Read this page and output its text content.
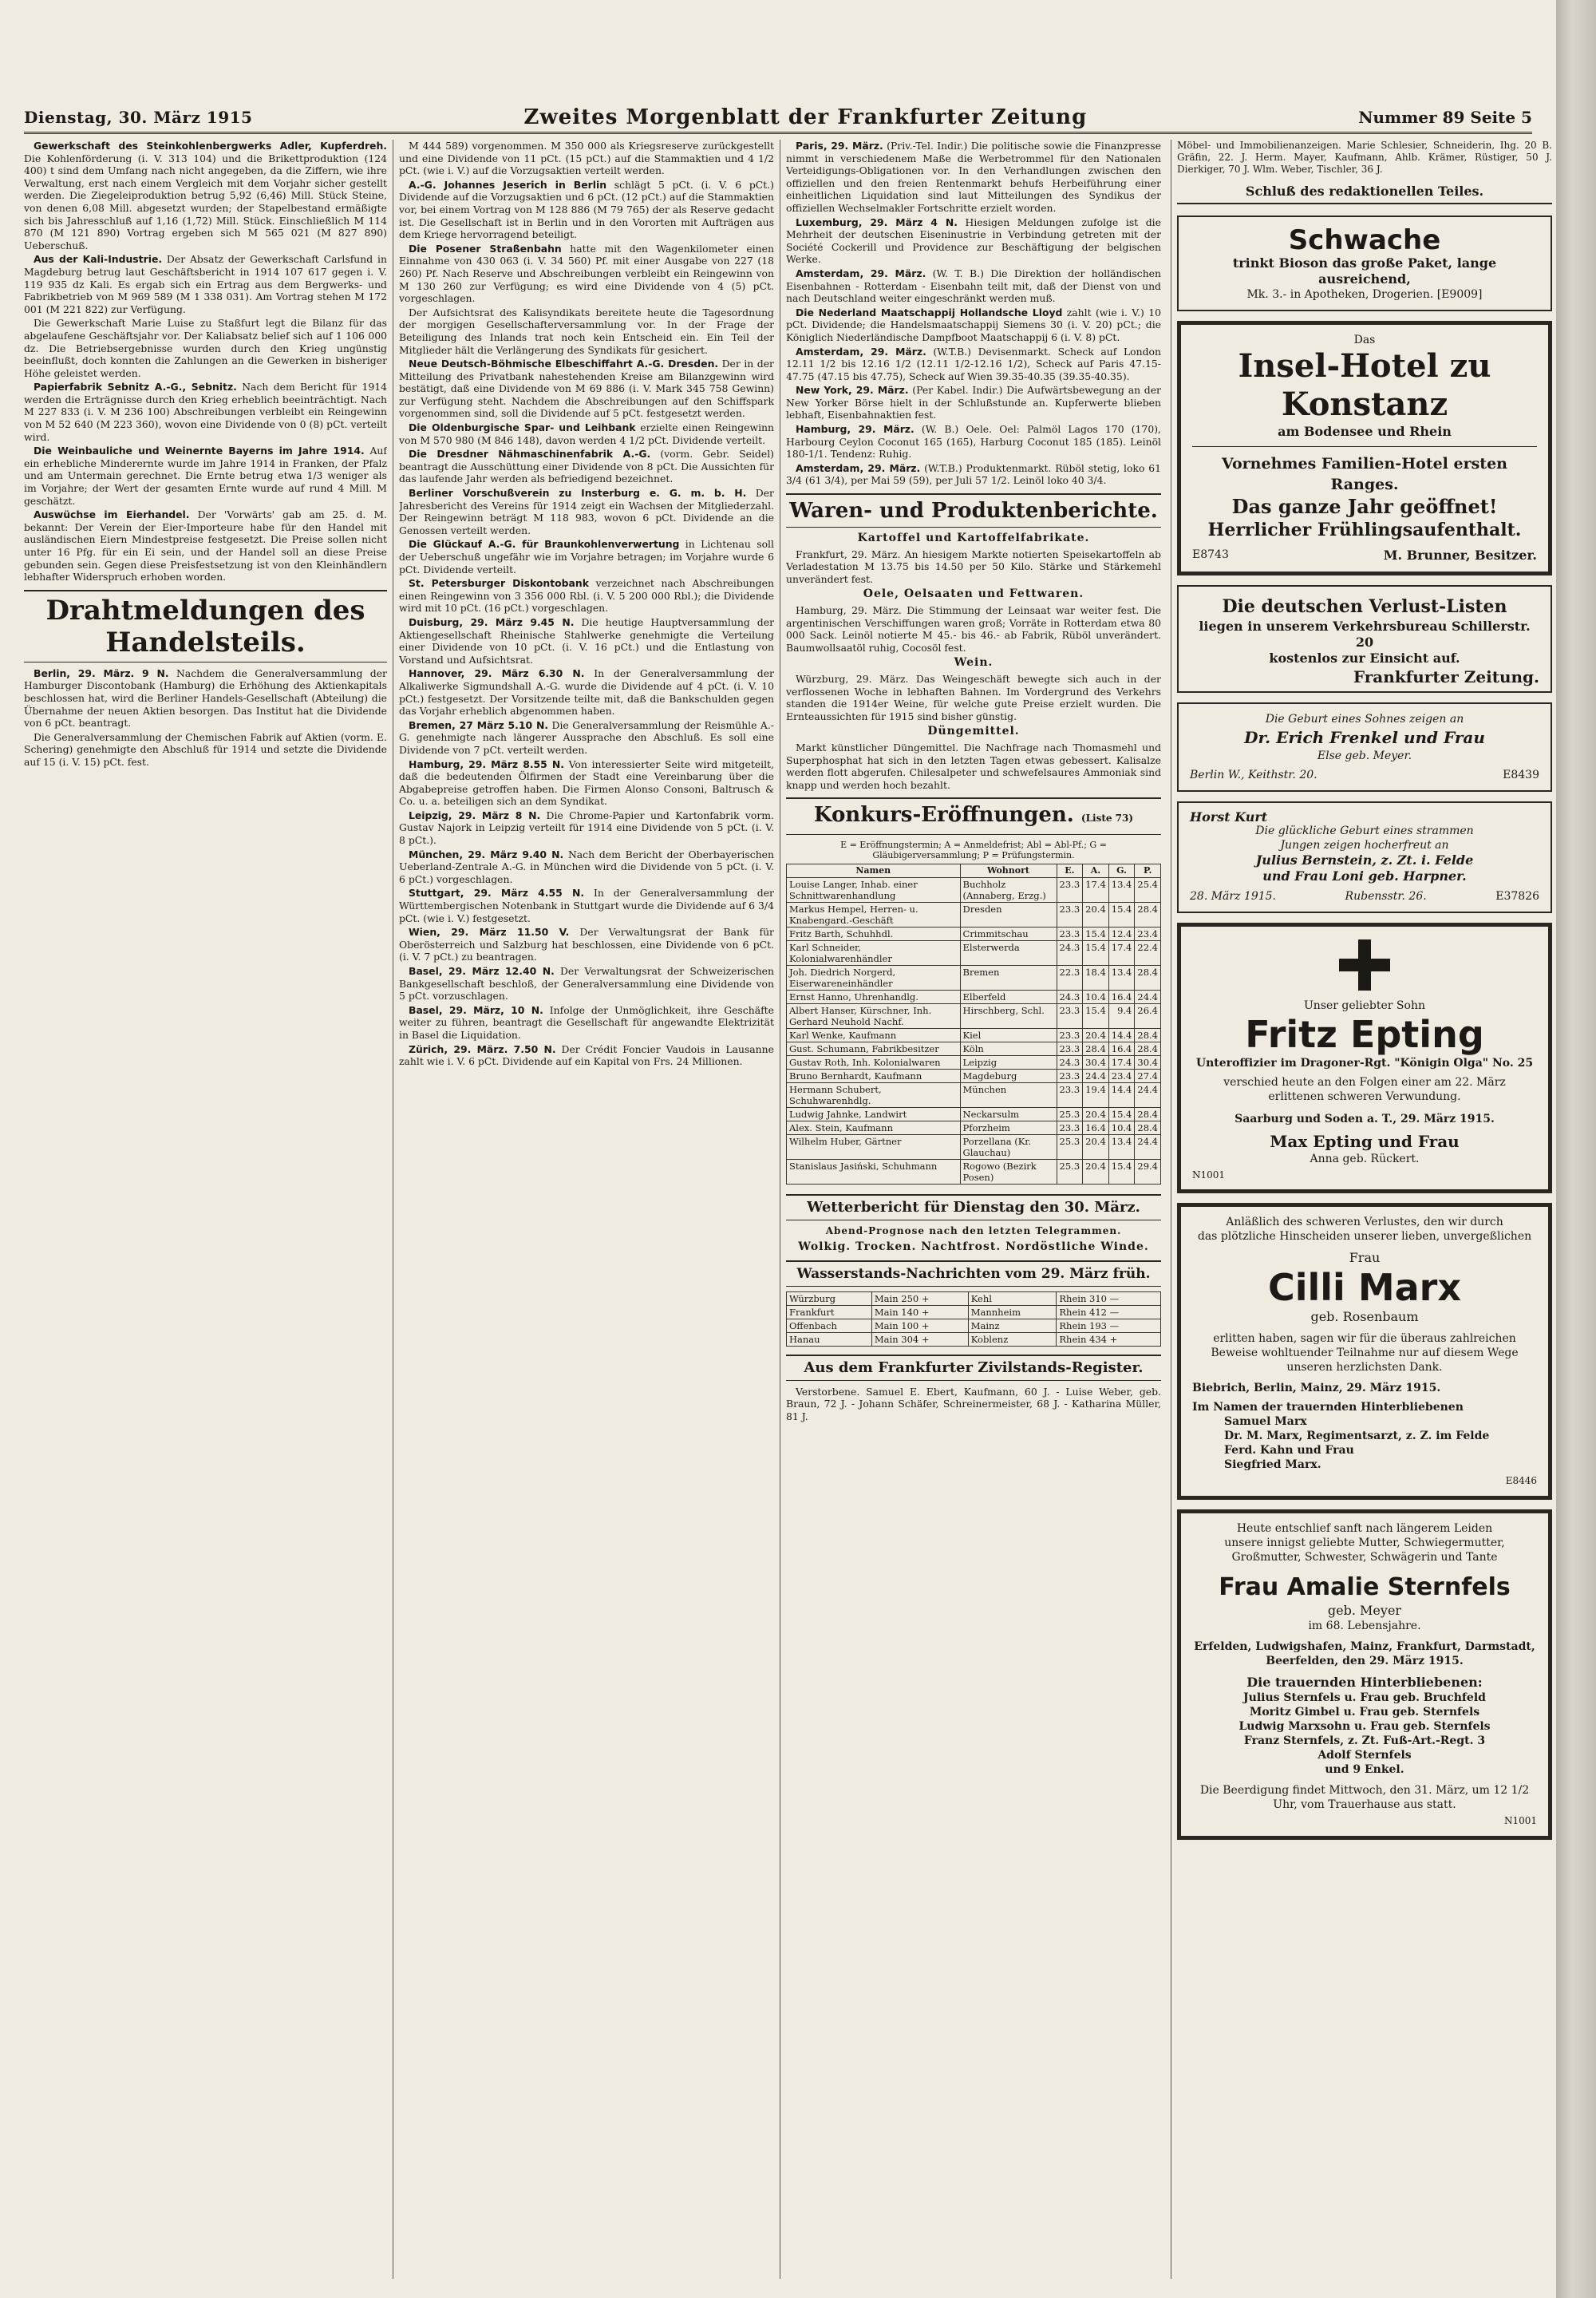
Dienstag, 30. März 1915	Zweites Morgenblatt der Frankfurter Zeitung	Nummer 89 Seite 5

Gewerkschaft des Steinkohlenbergwerks Adler, Kupferdreh. Die Kohlenförderung (i. V. 313 104) und die Brikettproduktion (124 400) t sind dem Umfang nach nicht angegeben, da die Ziffern, wie ihre Verwaltung, erst nach einem Vergleich mit dem Vorjahr sicher gestellt werden. Die Ziegeleiproduktion betrug 5,92 (6,46) Mill. Stück Steine, von denen 6,08 Mill. abgesetzt wurden; der Stapelbestand ermäßigte sich bis Jahresschluß auf 1,16 (1,72) Mill. Stück. Einschließlich M 114 870 (M 121 890) Vortrag ergeben sich M 565 021 (M 827 890) Ueberschuß.

Aus der Kali-Industrie. Der Absatz der Gewerkschaft Carlsfund in Magdeburg betrug laut Geschäftsbericht in 1914 107 617 gegen i. V. 119 935 dz Kali. Es ergab sich ein Ertrag aus dem Bergwerks- und Fabrikbetrieb von M 969 589 (M 1 338 031). Am Vortrag stehen M 172 001 (M 221 822) zur Verfügung.

Die Gewerkschaft Marie Luise zu Staßfurt legt die Bilanz für das abgelaufene Geschäftsjahr vor. Der Kaliabsatz belief sich auf 1 106 000 dz. Die Betriebsergebnisse wurden durch den Krieg ungünstig beeinflußt, doch konnten die Zahlungen an die Gewerken in bisheriger Höhe geleistet werden.

Papierfabrik Sebnitz A.-G., Sebnitz. Nach dem Bericht für 1914 werden die Erträgnisse durch den Krieg erheblich beeinträchtigt. Nach M 227 833 (i. V. M 236 100) Abschreibungen verbleibt ein Reingewinn von M 52 640 (M 223 360), wovon eine Dividende von 0 (8) pCt. verteilt wird.

Die Weinbauliche und Weinernte Bayerns im Jahre 1914. Auf ein erhebliche Minderernte wurde im Jahre 1914 in Franken, der Pfalz und am Untermain gerechnet. Die Ernte betrug etwa 1/3 weniger als im Vorjahre; der Wert der gesamten Ernte wurde auf rund 4 Mill. M geschätzt.

Auswüchse im Eierhandel. Der 'Vorwärts' gab am 25. d. M. bekannt: Der Verein der Eier-Importeure habe für den Handel mit ausländischen Eiern Mindestpreise festgesetzt. Die Preise sollen nicht unter 16 Pfg. für ein Ei sein, und der Handel soll an diese Preise gebunden sein. Gegen diese Preisfestsetzung ist von den Kleinhändlern lebhafter Widerspruch erhoben worden.

Drahtmeldungen des Handelsteils.

Berlin, 29. März. 9 N. Nachdem die Generalversammlung der Hamburger Discontobank (Hamburg) die Erhöhung des Aktienkapitals beschlossen hat, wird die Berliner Handels-Gesellschaft (Abteilung) die Übernahme der neuen Aktien besorgen. Das Institut hat die Dividende von 6 pCt. beantragt.

Die Generalversammlung der Chemischen Fabrik auf Aktien (vorm. E. Schering) genehmigte den Abschluß für 1914 und setzte die Dividende auf 15 (i. V. 15) pCt. fest.

M 444 589) vorgenommen. M 350 000 als Kriegsreserve zurückgestellt und eine Dividende von 11 pCt. (15 pCt.) auf die Stammaktien und 4 1/2 pCt. (wie i. V.) auf die Vorzugsaktien verteilt werden.

A.-G. Johannes Jeserich in Berlin schlägt 5 pCt. (i. V. 6 pCt.) Dividende auf die Vorzugsaktien und 6 pCt. (12 pCt.) auf die Stammaktien vor, bei einem Vortrag von M 128 886 (M 79 765) der als Reserve gedacht ist. Die Gesellschaft ist in Berlin und in den Vororten mit Aufträgen aus dem Kriege hervorragend beteiligt.

Die Posener Straßenbahn hatte mit den Wagenkilometer einen Einnahme von 430 063 (i. V. 34 560) Pf. mit einer Ausgabe von 227 (18 260) Pf. Nach Reserve und Abschreibungen verbleibt ein Reingewinn von M 130 260 zur Verfügung; es wird eine Dividende von 4 (5) pCt. vorgeschlagen.

Der Aufsichtsrat des Kalisyndikats bereitete heute die Tagesordnung der morgigen Gesellschafterversammlung vor. In der Frage der Beteiligung des Inlands trat noch kein Entscheid ein. Ein Teil der Mitglieder hält die Verlängerung des Syndikats für gesichert.

Neue Deutsch-Böhmische Elbeschiffahrt A.-G. Dresden. Der in der Mitteilung des Privatbank nahestehenden Kreise am Bilanzgewinn wird bestätigt, daß eine Dividende von M 69 886 (i. V. Mark 345 758 Gewinn) zur Verfügung steht. Nachdem die Abschreibungen auf den Schiffspark vorgenommen sind, soll die Dividende auf 5 pCt. festgesetzt werden.

Die Oldenburgische Spar- und Leihbank erzielte einen Reingewinn von M 570 980 (M 846 148), davon werden 4 1/2 pCt. Dividende verteilt.

Die Dresdner Nähmaschinenfabrik A.-G. (vorm. Gebr. Seidel) beantragt die Ausschüttung einer Dividende von 8 pCt. Die Aussichten für das laufende Jahr werden als befriedigend bezeichnet.

Berliner Vorschußverein zu Insterburg e. G. m. b. H. Der Jahresbericht des Vereins für 1914 zeigt ein Wachsen der Mitgliederzahl. Der Reingewinn beträgt M 118 983, wovon 6 pCt. Dividende an die Genossen verteilt werden.

Die Glückauf A.-G. für Braunkohlenverwertung in Lichtenau soll der Ueberschuß ungefähr wie im Vorjahre betragen; im Vorjahre wurde 6 pCt. Dividende verteilt.

St. Petersburger Diskontobank verzeichnet nach Abschreibungen einen Reingewinn von 3 356 000 Rbl. (i. V. 5 200 000 Rbl.); die Dividende wird mit 10 pCt. (16 pCt.) vorgeschlagen.

Duisburg, 29. März 9.45 N. Die heutige Hauptversammlung der Aktiengesellschaft Rheinische Stahlwerke genehmigte die Verteilung einer Dividende von 10 pCt. (i. V. 16 pCt.) und die Entlastung von Vorstand und Aufsichtsrat.

Hannover, 29. März 6.30 N. In der Generalversammlung der Alkaliwerke Sigmundshall A.-G. wurde die Dividende auf 4 pCt. (i. V. 10 pCt.) festgesetzt. Der Vorsitzende teilte mit, daß die Bankschulden gegen das Vorjahr erheblich abgenommen haben.

Bremen, 27 März 5.10 N. Die Generalversammlung der Reismühle A.-G. genehmigte nach längerer Aussprache den Abschluß. Es soll eine Dividende von 7 pCt. verteilt werden.

Hamburg, 29. März 8.55 N. Von interessierter Seite wird mitgeteilt, daß die bedeutenden Ölfirmen der Stadt eine Vereinbarung über die Abgabepreise getroffen haben. Die Firmen Alonso Consoni, Baltrusch & Co. u. a. beteiligen sich an dem Syndikat.

Leipzig, 29. März 8 N. Die Chrome-Papier und Kartonfabrik vorm. Gustav Najork in Leipzig verteilt für 1914 eine Dividende von 5 pCt. (i. V. 8 pCt.).

München, 29. März 9.40 N. Nach dem Bericht der Oberbayerischen Ueberland-Zentrale A.-G. in München wird die Dividende von 5 pCt. (i. V. 6 pCt.) vorgeschlagen.

Stuttgart, 29. März 4.55 N. In der Generalversammlung der Württembergischen Notenbank in Stuttgart wurde die Dividende auf 6 3/4 pCt. (wie i. V.) festgesetzt.

Wien, 29. März 11.50 V. Der Verwaltungsrat der Bank für Oberösterreich und Salzburg hat beschlossen, eine Dividende von 6 pCt. (i. V. 7 pCt.) zu beantragen.

Basel, 29. März 12.40 N. Der Verwaltungsrat der Schweizerischen Bankgesellschaft beschloß, der Generalversammlung eine Dividende von 5 pCt. vorzuschlagen.

Basel, 29. März, 10 N. Infolge der Unmöglichkeit, ihre Geschäfte weiter zu führen, beantragt die Gesellschaft für angewandte Elektrizität in Basel die Liquidation.

Zürich, 29. März. 7.50 N. Der Crédit Foncier Vaudois in Lausanne zahlt wie i. V. 6 pCt. Dividende auf ein Kapital von Frs. 24 Millionen.

Paris, 29. März. (Priv.-Tel. Indir.) Die politische sowie die Finanzpresse nimmt in verschiedenem Maße die Werbetrommel für den Nationalen Verteidigungs-Obligationen vor. In den Verhandlungen zwischen den offiziellen und den freien Rentenmarkt behufs Herbeiführung einer einheitlichen Liquidation sind laut Mitteilungen des Syndikus der offiziellen Wechselmakler Fortschritte erzielt worden.

Luxemburg, 29. März 4 N. Hiesigen Meldungen zufolge ist die Mehrheit der deutschen Eiseninustrie in Verbindung getreten mit der Société Cockerill und Providence zur Beschäftigung der belgischen Werke.

Amsterdam, 29. März. (W. T. B.) Die Direktion der holländischen Eisenbahnen - Rotterdam - Eisenbahn teilt mit, daß der Dienst von und nach Deutschland weiter eingeschränkt werden muß.

Die Nederland Maatschappij Hollandsche Lloyd zahlt (wie i. V.) 10 pCt. Dividende; die Handelsmaatschappij Siemens 30 (i. V. 20) pCt.; die Königlich Niederländische Dampfboot Maatschappij 6 (i. V. 8) pCt.

Amsterdam, 29. März. (W.T.B.) Devisenmarkt. Scheck auf London 12.11 1/2 bis 12.16 1/2 (12.11 1/2-12.16 1/2), Scheck auf Paris 47.15-47.75 (47.15 bis 47.75), Scheck auf Wien 39.35-40.35 (39.35-40.35).

New York, 29. März. (Per Kabel. Indir.) Die Aufwärtsbewegung an der New Yorker Börse hielt in der Schlußstunde an. Kupferwerte blieben lebhaft, Eisenbahnaktien fest.

Hamburg, 29. März. (W. B.) Oele. Oel: Palmöl Lagos 170 (170), Harbourg Ceylon Coconut 165 (165), Harburg Coconut 185 (185). Leinöl 180-1/1. Tendenz: Ruhig.

Amsterdam, 29. März. (W.T.B.) Produktenmarkt. Rüböl stetig, loko 61 3/4 (61 3/4), per Mai 59 (59), per Juli 57 1/2. Leinöl loko 40 3/4.

Waren- und Produktenberichte.
Kartoffel und Kartoffelfabrikate.

Frankfurt, 29. März. An hiesigem Markte notierten Speisekartoffeln ab Verladestation M 13.75 bis 14.50 per 50 Kilo. Stärke und Stärkemehl unverändert fest.

Oele, Oelsaaten und Fettwaren.

Hamburg, 29. März. Die Stimmung der Leinsaat war weiter fest. Die argentinischen Verschiffungen waren groß; Vorräte in Rotterdam etwa 80 000 Sack. Leinöl notierte M 45.- bis 46.- ab Fabrik, Rüböl unverändert. Baumwollsaatöl ruhig, Cocosöl fest.

Wein.

Würzburg, 29. März. Das Weingeschäft bewegte sich auch in der verflossenen Woche in lebhaften Bahnen. Im Vordergrund des Verkehrs standen die 1914er Weine, für welche gute Preise erzielt wurden. Die Ernteaussichten für 1915 sind bisher günstig.

Düngemittel.

Markt künstlicher Düngemittel. Die Nachfrage nach Thomasmehl und Superphosphat hat sich in den letzten Tagen etwas gebessert. Kalisalze werden flott abgerufen. Chilesalpeter und schwefelsaures Ammoniak sind knapp und werden hoch bezahlt.

Konkurs-Eröffnungen. (Liste 73)
E = Eröffnungstermin; A = Anmeldefrist; Abl = Abl-Pf.; G = Gläubigerversammlung; P = Prüfungstermin.
Namen	Wohnort	E.	A.	G.	P.
Louise Langer, Inhab. einer Schnittwarenhandlung	Buchholz (Annaberg, Erzg.)	23.3	17.4	13.4	25.4
Markus Hempel, Herren- u. Knabengard.-Geschäft	Dresden	23.3	20.4	15.4	28.4
Fritz Barth, Schuhhdl.	Crimmitschau	23.3	15.4	12.4	23.4
Karl Schneider, Kolonialwarenhändler	Elsterwerda	24.3	15.4	17.4	22.4
Joh. Diedrich Norgerd, Eiserwareneinhändler	Bremen	22.3	18.4	13.4	28.4
Ernst Hanno, Uhrenhandlg.	Elberfeld	24.3	10.4	16.4	24.4
Albert Hanser, Kürschner, Inh. Gerhard Neuhold Nachf.	Hirschberg, Schl.	23.3	15.4	9.4	26.4
Karl Wenke, Kaufmann	Kiel	23.3	20.4	14.4	28.4
Gust. Schumann, Fabrikbesitzer	Köln	23.3	28.4	16.4	28.4
Gustav Roth, Inh. Kolonialwaren	Leipzig	24.3	30.4	17.4	30.4
Bruno Bernhardt, Kaufmann	Magdeburg	23.3	24.4	23.4	27.4
Hermann Schubert, Schuhwarenhdlg.	München	23.3	19.4	14.4	24.4
Ludwig Jahnke, Landwirt	Neckarsulm	25.3	20.4	15.4	28.4
Alex. Stein, Kaufmann	Pforzheim	23.3	16.4	10.4	28.4
Wilhelm Huber, Gärtner	Porzellana (Kr. Glauchau)	25.3	20.4	13.4	24.4
Stanislaus Jasiński, Schuhmann	Rogowo (Bezirk Posen)	25.3	20.4	15.4	29.4
Wetterbericht für Dienstag den 30. März.
Abend-Prognose nach den letzten Telegrammen.
Wolkig. Trocken. Nachtfrost. Nordöstliche Winde.
Wasserstands-Nachrichten vom 29. März früh.
Würzburg	Main 250 +	Kehl	Rhein 310 —
Frankfurt	Main 140 +	Mannheim	Rhein 412 —
Offenbach	Main 100 +	Mainz	Rhein 193 —
Hanau	Main 304 +	Koblenz	Rhein 434 +
Aus dem Frankfurter Zivilstands-Register.

Verstorbene. Samuel E. Ebert, Kaufmann, 60 J. - Luise Weber, geb. Braun, 72 J. - Johann Schäfer, Schreinermeister, 68 J. - Katharina Müller, 81 J.

Möbel- und Immobilienanzeigen. Marie Schlesier, Schneiderin, Ihg. 20 B. Gräfin, 22. J. Herm. Mayer, Kaufmann, Ahlb. Krämer, Rüstiger, 50 J. Dierkiger, 70 J. Wlm. Weber, Tischler, 36 J.
Schluß des redaktionellen Teiles.
Schwache
trinkt Bioson das große Paket, lange ausreichend,
Mk. 3.- in Apotheken, Drogerien. [E9009]
Das
Insel-Hotel zu Konstanz
am Bodensee und Rhein
Vornehmes Familien-Hotel ersten Ranges.
Das ganze Jahr geöffnet!
Herrlicher Frühlingsaufenthalt.
E8743	M. Brunner, Besitzer.
Die deutschen Verlust-Listen
liegen in unserem Verkehrsbureau Schillerstr. 20
kostenlos zur Einsicht auf.
Frankfurter Zeitung.
Die Geburt eines Sohnes zeigen an
Dr. Erich Frenkel und Frau
Else geb. Meyer.
Berlin W., Keithstr. 20.	E8439
Horst Kurt
Die glückliche Geburt eines strammen
Jungen zeigen hocherfreut an
Julius Bernstein, z. Zt. i. Felde
und Frau Loni geb. Harpner.
28. März 1915.	Rubensstr. 26.	E37826
Unser geliebter Sohn
Fritz Epting
Unteroffizier im Dragoner-Rgt. "Königin Olga" No. 25
verschied heute an den Folgen einer am 22. März
erlittenen schweren Verwundung.
Saarburg und Soden a. T., 29. März 1915.
Max Epting und Frau
Anna geb. Rückert.
N1001
Anläßlich des schweren Verlustes, den wir durch
das plötzliche Hinscheiden unserer lieben, unvergeßlichen
Frau
Cilli Marx
geb. Rosenbaum
erlitten haben, sagen wir für die überaus zahlreichen Beweise wohltuender Teilnahme nur auf diesem Wege unseren herzlichsten Dank.
Biebrich, Berlin, Mainz, 29. März 1915.
Im Namen der trauernden Hinterbliebenen
Samuel Marx
Dr. M. Marx, Regimentsarzt, z. Z. im Felde
Ferd. Kahn und Frau
Siegfried Marx.
E8446
Heute entschlief sanft nach längerem Leiden
unsere innigst geliebte Mutter, Schwiegermutter,
Großmutter, Schwester, Schwägerin und Tante
Frau Amalie Sternfels
geb. Meyer
im 68. Lebensjahre.
Erfelden, Ludwigshafen, Mainz, Frankfurt, Darmstadt, Beerfelden, den 29. März 1915.
Die trauernden Hinterbliebenen:
Julius Sternfels u. Frau geb. Bruchfeld
Moritz Gimbel u. Frau geb. Sternfels
Ludwig Marxsohn u. Frau geb. Sternfels
Franz Sternfels, z. Zt. Fuß-Art.-Regt. 3
Adolf Sternfels
und 9 Enkel.
Die Beerdigung findet Mittwoch, den 31. März, um 12 1/2 Uhr, vom Trauerhause aus statt.
N1001
